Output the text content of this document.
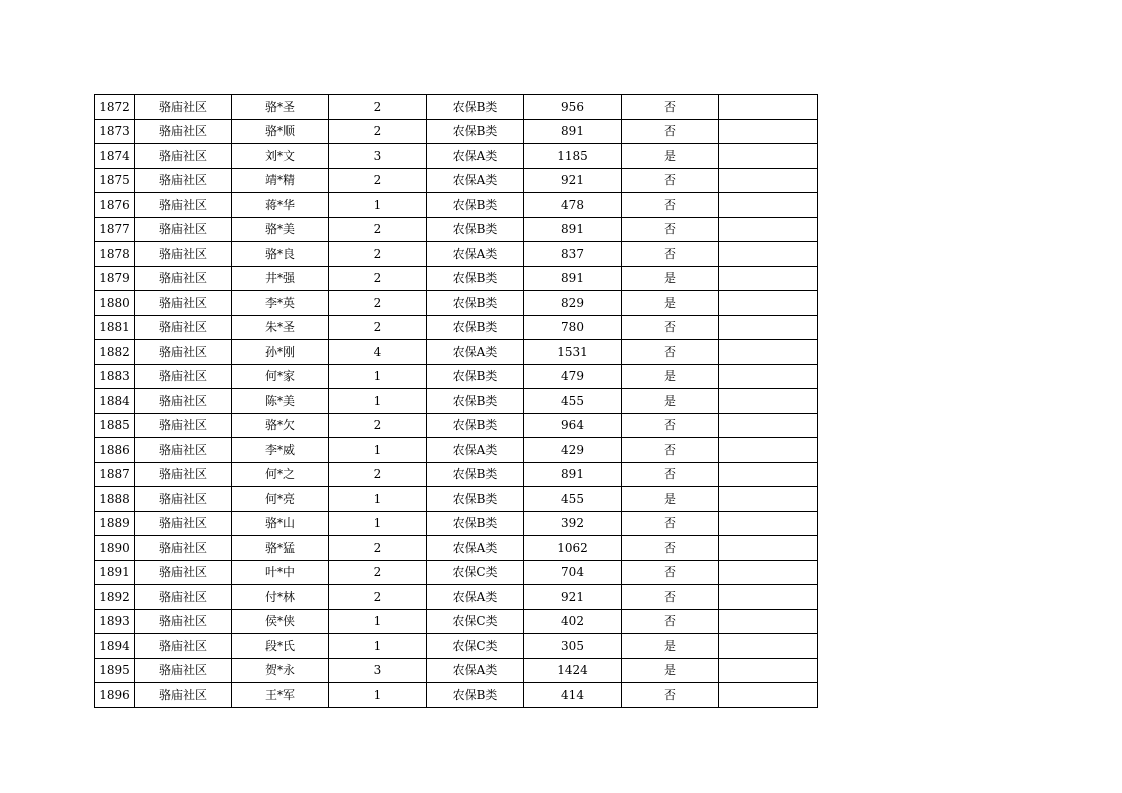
1872	骆庙社区	骆*圣	2	农保B类	956	否	
1873	骆庙社区	骆*顺	2	农保B类	891	否	
1874	骆庙社区	刘*文	3	农保A类	1185	是	
1875	骆庙社区	靖*精	2	农保A类	921	否	
1876	骆庙社区	蒋*华	1	农保B类	478	否	
1877	骆庙社区	骆*美	2	农保B类	891	否	
1878	骆庙社区	骆*良	2	农保A类	837	否	
1879	骆庙社区	井*强	2	农保B类	891	是	
1880	骆庙社区	李*英	2	农保B类	829	是	
1881	骆庙社区	朱*圣	2	农保B类	780	否	
1882	骆庙社区	孙*刚	4	农保A类	1531	否	
1883	骆庙社区	何*家	1	农保B类	479	是	
1884	骆庙社区	陈*美	1	农保B类	455	是	
1885	骆庙社区	骆*欠	2	农保B类	964	否	
1886	骆庙社区	李*威	1	农保A类	429	否	
1887	骆庙社区	何*之	2	农保B类	891	否	
1888	骆庙社区	何*亮	1	农保B类	455	是	
1889	骆庙社区	骆*山	1	农保B类	392	否	
1890	骆庙社区	骆*猛	2	农保A类	1062	否	
1891	骆庙社区	叶*中	2	农保C类	704	否	
1892	骆庙社区	付*林	2	农保A类	921	否	
1893	骆庙社区	侯*侠	1	农保C类	402	否	
1894	骆庙社区	段*氏	1	农保C类	305	是	
1895	骆庙社区	贺*永	3	农保A类	1424	是	
1896	骆庙社区	王*军	1	农保B类	414	否	
